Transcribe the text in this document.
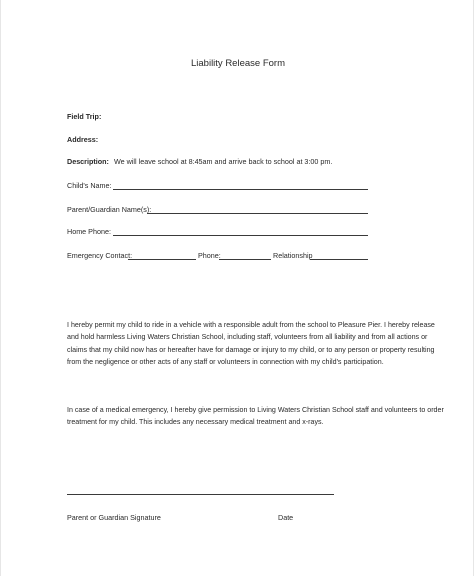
Liability Release Form
Field Trip:
Address:
Description: We will leave school at 8:45am and arrive back to school at 3:00 pm.
Child's Name:
Parent/Guardian Name(s):
Home Phone:
Emergency Contact:	Phone:	Relationship
I hereby permit my child to ride in a vehicle with a responsible adult from the school to Pleasure Pier. I hereby release
and hold harmless Living Waters Christian School, including staff, volunteers from all liability and from all actions or
claims that my child now has or hereafter have for damage or injury to my child, or to any person or property resulting
from the negligence or other acts of any staff or volunteers in connection with my child's participation.
In case of a medical emergency, I hereby give permission to Living Waters Christian School staff and volunteers to order
treatment for my child. This includes any necessary medical treatment and x-rays.
Parent or Guardian Signature	Date
